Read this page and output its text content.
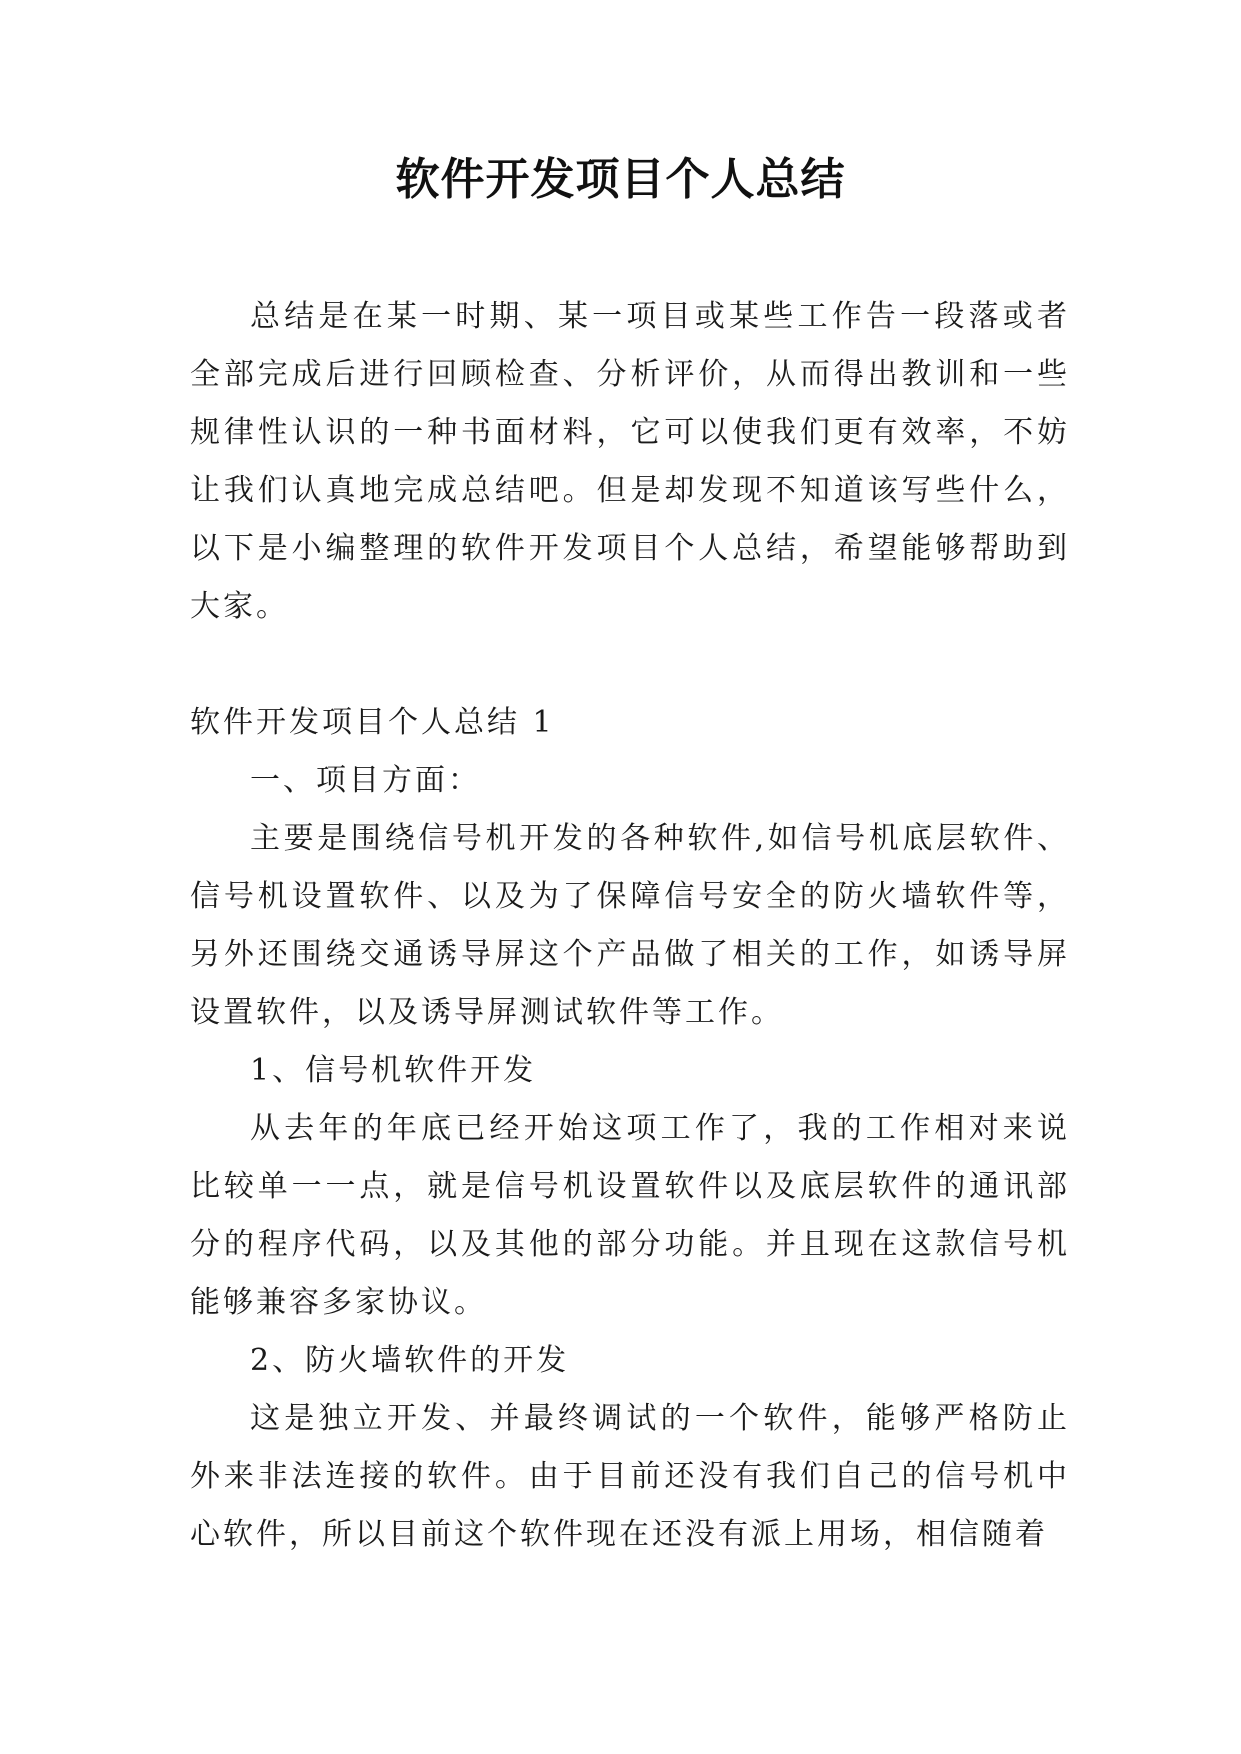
软件开发项目个人总结

总结是在某一时期、某一项目或某些工作告一段落或者全部完成后进行回顾检查、分析评价，从而得出教训和一些规律性认识的一种书面材料，它可以使我们更有效率，不妨让我们认真地完成总结吧。但是却发现不知道该写些什么，以下是小编整理的软件开发项目个人总结，希望能够帮助到大家。

软件开发项目个人总结 1

一、项目方面：

主要是围绕信号机开发的各种软件,如信号机底层软件、信号机设置软件、以及为了保障信号安全的防火墙软件等，另外还围绕交通诱导屏这个产品做了相关的工作，如诱导屏设置软件，以及诱导屏测试软件等工作。

1、信号机软件开发

从去年的年底已经开始这项工作了，我的工作相对来说比较单一一点，就是信号机设置软件以及底层软件的通讯部分的程序代码，以及其他的部分功能。并且现在这款信号机能够兼容多家协议。

2、防火墙软件的开发

这是独立开发、并最终调试的一个软件，能够严格防止外来非法连接的软件。由于目前还没有我们自己的信号机中心软件，所以目前这个软件现在还没有派上用场，相信随着
